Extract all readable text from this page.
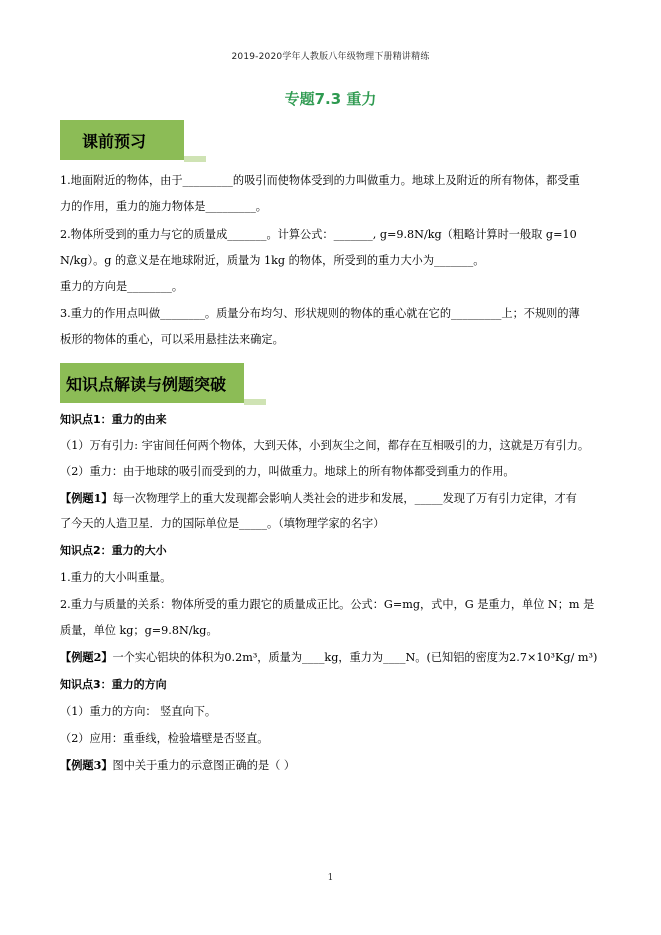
2019-2020学年人教版八年级物理下册精讲精练
专题7.3 重力
课前预习
1.地面附近的物体，由于_________的吸引而使物体受到的力叫做重力。地球上及附近的所有物体，都受重
力的作用，重力的施力物体是_________。
2.物体所受到的重力与它的质量成_______。计算公式：_______, g=9.8N/kg（粗略计算时一般取 g=10
N/kg）。g 的意义是在地球附近，质量为 1kg 的物体，所受到的重力大小为_______。
重力的方向是________。
3.重力的作用点叫做________。质量分布均匀、形状规则的物体的重心就在它的_________上；不规则的薄
板形的物体的重心，可以采用悬挂法来确定。
知识点解读与例题突破
知识点1：重力的由来
（1）万有引力: 宇宙间任何两个物体，大到天体，小到灰尘之间，都存在互相吸引的力，这就是万有引力。
（2）重力：由于地球的吸引而受到的力，叫做重力。地球上的所有物体都受到重力的作用。
【例题1】每一次物理学上的重大发现都会影响人类社会的进步和发展，_____发现了万有引力定律，才有
了今天的人造卫星．力的国际单位是_____。（填物理学家的名字）
知识点2：重力的大小
1.重力的大小叫重量。
2.重力与质量的关系：物体所受的重力跟它的质量成正比。公式：G=mg，式中，G 是重力，单位 N；m 是
质量，单位 kg；g=9.8N/kg。
【例题2】一个实心铝块的体积为0.2m³，质量为____kg，重力为____N。(已知铝的密度为2.7×10³Kg/ m³)
知识点3：重力的方向
（1）重力的方向： 竖直向下。
（2）应用：重垂线，检验墙壁是否竖直。
【例题3】图中关于重力的示意图正确的是（ ）
1
